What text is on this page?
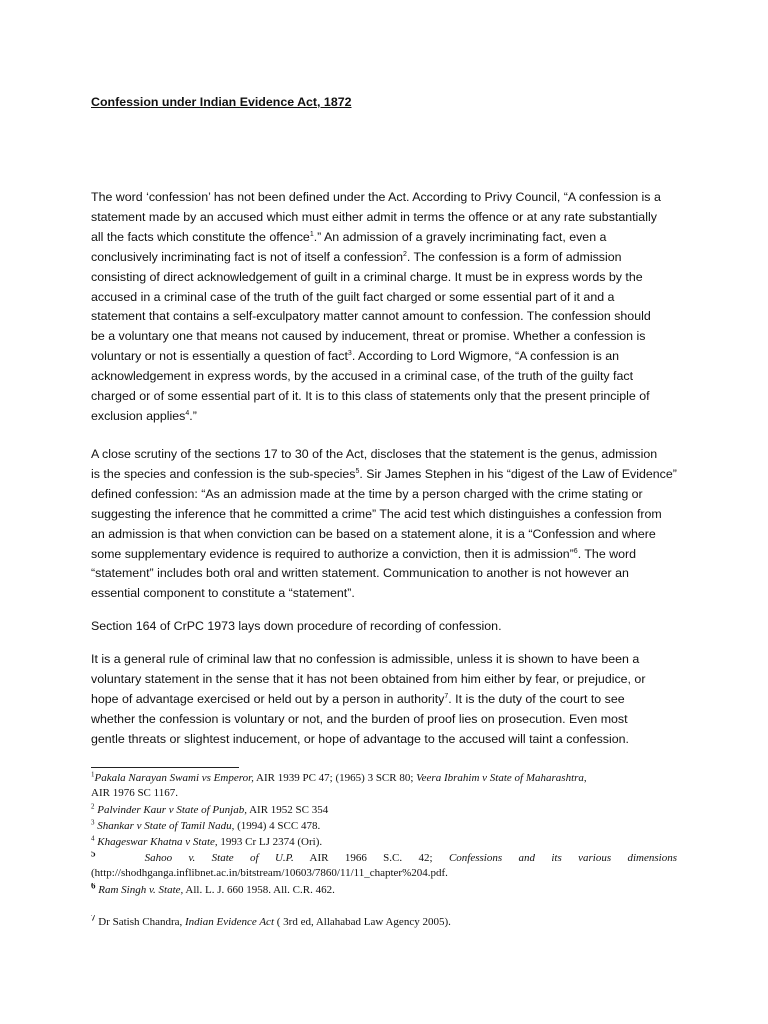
Confession under Indian Evidence Act, 1872
The word ‘confession’ has not been defined under the Act. According to Privy Council, “A confession is a
statement made by an accused which must either admit in terms the offence or at any rate substantially
all the facts which constitute the offence$^1$.” An admission of a gravely incriminating fact, even a
conclusively incriminating fact is not of itself a confession$^2$. The confession is a form of admission
consisting of direct acknowledgement of guilt in a criminal charge. It must be in express words by the
accused in a criminal case of the truth of the guilt fact charged or some essential part of it and a
statement that contains a self-exculpatory matter cannot amount to confession. The confession should
be a voluntary one that means not caused by inducement, threat or promise. Whether a confession is
voluntary or not is essentially a question of fact$^3$. According to Lord Wigmore, “A confession is an
acknowledgement in express words, by the accused in a criminal case, of the truth of the guilty fact
charged or of some essential part of it. It is to this class of statements only that the present principle of
exclusion applies$^4$.”
A close scrutiny of the sections 17 to 30 of the Act, discloses that the statement is the genus, admission
is the species and confession is the sub-species$^5$. Sir James Stephen in his “digest of the Law of Evidence”
defined confession: “As an admission made at the time by a person charged with the crime stating or
suggesting the inference that he committed a crime” The acid test which distinguishes a confession from
an admission is that when conviction can be based on a statement alone, it is a “Confession and where
some supplementary evidence is required to authorize a conviction, then it is admission”$^6$. The word
“statement” includes both oral and written statement. Communication to another is not however an
essential component to constitute a “statement”.
Section 164 of CrPC 1973 lays down procedure of recording of confession.
It is a general rule of criminal law that no confession is admissible, unless it is shown to have been a
voluntary statement in the sense that it has not been obtained from him either by fear, or prejudice, or
hope of advantage exercised or held out by a person in authority$^7$. It is the duty of the court to see
whether the confession is voluntary or not, and the burden of proof lies on prosecution. Even most
gentle threats or slightest inducement, or hope of advantage to the accused will taint a confession.
$^1$Pakala Narayan Swami vs Emperor, AIR 1939 PC 47; (1965) 3 SCR 80; Veera Ibrahim v State of Maharashtra,
AIR 1976 SC 1167.
$^2$ Palvinder Kaur v State of Punjab, AIR 1952 SC 354
$^3$ Shankar v State of Tamil Nadu, (1994) 4 SCC 478.
$^4$ Khageswar Khatna v State, 1993 Cr LJ 2374 (Ori).
$^5$	Sahoo v. State of U.P. AIR 1966 S.C. 42; Confessions and its various dimensions
(http://shodhganga.inflibnet.ac.in/bitstream/10603/7860/11/11_chapter%204.pdf.
$^6$ Ram Singh v. State, All. L. J. 660 1958. All. C.R. 462.
$^7$ Dr Satish Chandra, Indian Evidence Act ( 3rd ed, Allahabad Law Agency 2005).
